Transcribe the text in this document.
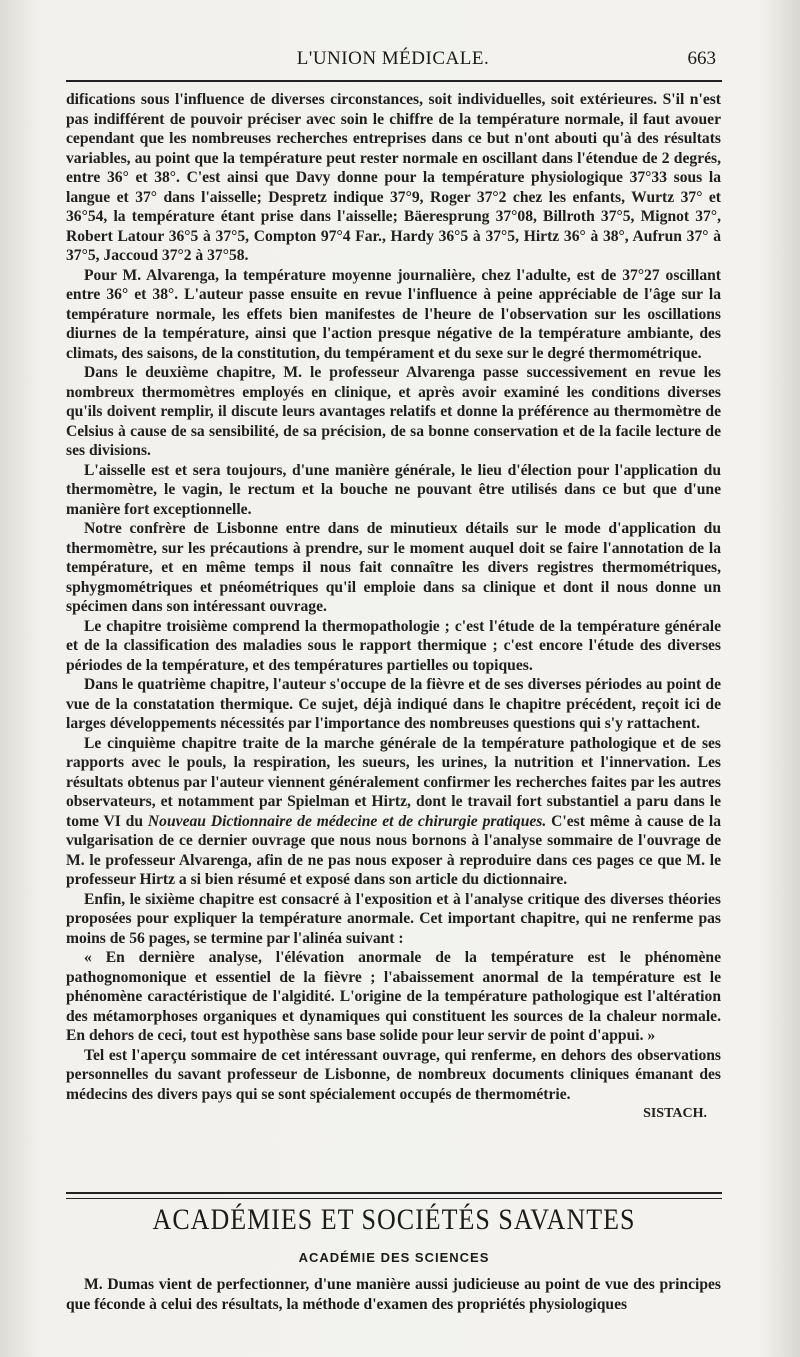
L'UNION MÉDICALE.	663

difications sous l'influence de diverses circonstances, soit individuelles, soit extérieures. S'il n'est pas indifférent de pouvoir préciser avec soin le chiffre de la température normale, il faut avouer cependant que les nombreuses recherches entreprises dans ce but n'ont abouti qu'à des résultats variables, au point que la température peut rester normale en oscillant dans l'étendue de 2 degrés, entre 36° et 38°. C'est ainsi que Davy donne pour la température physiologique 37°33 sous la langue et 37° dans l'aisselle; Despretz indique 37°9, Roger 37°2 chez les enfants, Wurtz 37° et 36°54, la température étant prise dans l'aisselle; Bäeresprung 37°08, Billroth 37°5, Mignot 37°, Robert Latour 36°5 à 37°5, Compton 97°4 Far., Hardy 36°5 à 37°5, Hirtz 36° à 38°, Aufrun 37° à 37°5, Jaccoud 37°2 à 37°58.

Pour M. Alvarenga, la température moyenne journalière, chez l'adulte, est de 37°27 oscillant entre 36° et 38°. L'auteur passe ensuite en revue l'influence à peine appréciable de l'âge sur la température normale, les effets bien manifestes de l'heure de l'observation sur les oscillations diurnes de la température, ainsi que l'action presque négative de la température ambiante, des climats, des saisons, de la constitution, du tempérament et du sexe sur le degré thermométrique.

Dans le deuxième chapitre, M. le professeur Alvarenga passe successivement en revue les nombreux thermomètres employés en clinique, et après avoir examiné les conditions diverses qu'ils doivent remplir, il discute leurs avantages relatifs et donne la préférence au thermomètre de Celsius à cause de sa sensibilité, de sa précision, de sa bonne conservation et de la facile lecture de ses divisions.

L'aisselle est et sera toujours, d'une manière générale, le lieu d'élection pour l'application du thermomètre, le vagin, le rectum et la bouche ne pouvant être utilisés dans ce but que d'une manière fort exceptionnelle.

Notre confrère de Lisbonne entre dans de minutieux détails sur le mode d'application du thermomètre, sur les précautions à prendre, sur le moment auquel doit se faire l'annotation de la température, et en même temps il nous fait connaître les divers registres thermométriques, sphygmométriques et pnéométriques qu'il emploie dans sa clinique et dont il nous donne un spécimen dans son intéressant ouvrage.

Le chapitre troisième comprend la thermopathologie ; c'est l'étude de la température générale et de la classification des maladies sous le rapport thermique ; c'est encore l'étude des diverses périodes de la température, et des températures partielles ou topiques.

Dans le quatrième chapitre, l'auteur s'occupe de la fièvre et de ses diverses périodes au point de vue de la constatation thermique. Ce sujet, déjà indiqué dans le chapitre précédent, reçoit ici de larges développements nécessités par l'importance des nombreuses questions qui s'y rattachent.

Le cinquième chapitre traite de la marche générale de la température pathologique et de ses rapports avec le pouls, la respiration, les sueurs, les urines, la nutrition et l'innervation. Les résultats obtenus par l'auteur viennent généralement confirmer les recherches faites par les autres observateurs, et notamment par Spielman et Hirtz, dont le travail fort substantiel a paru dans le tome VI du Nouveau Dictionnaire de médecine et de chirurgie pratiques. C'est même à cause de la vulgarisation de ce dernier ouvrage que nous nous bornons à l'analyse sommaire de l'ouvrage de M. le professeur Alvarenga, afin de ne pas nous exposer à reproduire dans ces pages ce que M. le professeur Hirtz a si bien résumé et exposé dans son article du dictionnaire.

Enfin, le sixième chapitre est consacré à l'exposition et à l'analyse critique des diverses théories proposées pour expliquer la température anormale. Cet important chapitre, qui ne renferme pas moins de 56 pages, se termine par l'alinéa suivant :

« En dernière analyse, l'élévation anormale de la température est le phénomène pathognomonique et essentiel de la fièvre ; l'abaissement anormal de la température est le phénomène caractéristique de l'algidité. L'origine de la température pathologique est l'altération des métamorphoses organiques et dynamiques qui constituent les sources de la chaleur normale. En dehors de ceci, tout est hypothèse sans base solide pour leur servir de point d'appui. »

Tel est l'aperçu sommaire de cet intéressant ouvrage, qui renferme, en dehors des observations personnelles du savant professeur de Lisbonne, de nombreux documents cliniques émanant des médecins des divers pays qui se sont spécialement occupés de thermométrie.

SISTACH.
ACADÉMIES ET SOCIÉTÉS SAVANTES
ACADÉMIE DES SCIENCES

M. Dumas vient de perfectionner, d'une manière aussi judicieuse au point de vue des principes que féconde à celui des résultats, la méthode d'examen des propriétés physiologiques
